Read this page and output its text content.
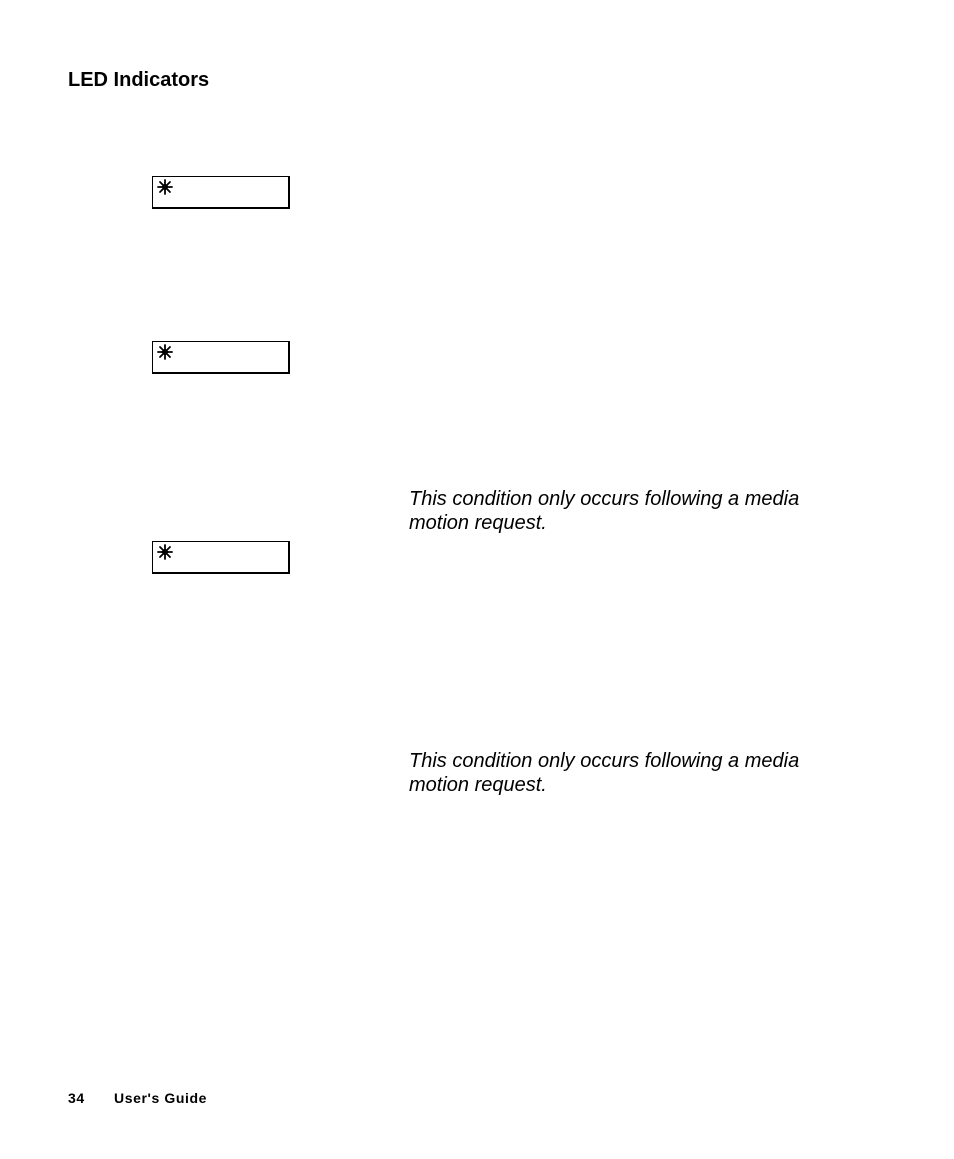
LED Indicators

This condition only occurs following a media motion request.

This condition only occurs following a media motion request.

34 User's Guide
